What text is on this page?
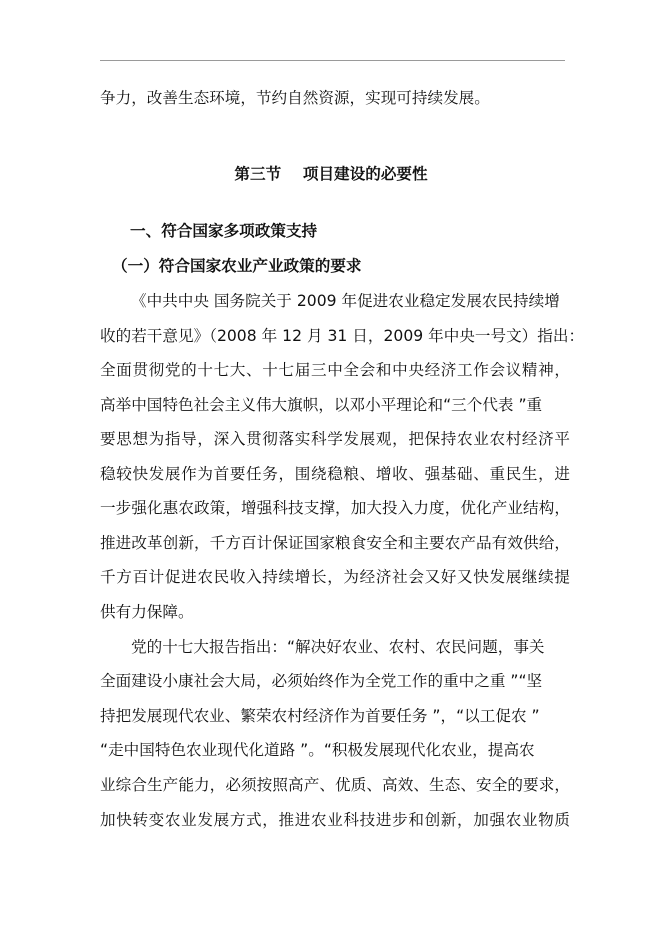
争力，改善生态环境，节约自然资源，实现可持续发展。
第三节    项目建设的必要性
一、符合国家多项政策支持
（一）符合国家农业产业政策的要求
《中共中央 国务院关于 2009 年促进农业稳定发展农民持续增
收的若干意见》（2008 年 12 月 31 日，2009 年中央一号文）指出：
全面贯彻党的十七大、十七届三中全会和中央经济工作会议精神，
高举中国特色社会主义伟大旗帜，以邓小平理论和“三个代表 ”重
要思想为指导，深入贯彻落实科学发展观，把保持农业农村经济平
稳较快发展作为首要任务，围绕稳粮、增收、强基础、重民生，进
一步强化惠农政策，增强科技支撑，加大投入力度，优化产业结构，
推进改革创新，千方百计保证国家粮食安全和主要农产品有效供给，
千方百计促进农民收入持续增长，为经济社会又好又快发展继续提
供有力保障。
党的十七大报告指出：“解决好农业、农村、农民问题，事关
全面建设小康社会大局，必须始终作为全党工作的重中之重 ”“坚
持把发展现代农业、繁荣农村经济作为首要任务 ”，“以工促农 ”
“走中国特色农业现代化道路 ”。“积极发展现代化农业，提高农
业综合生产能力，必须按照高产、优质、高效、生态、安全的要求，
加快转变农业发展方式，推进农业科技进步和创新，加强农业物质
